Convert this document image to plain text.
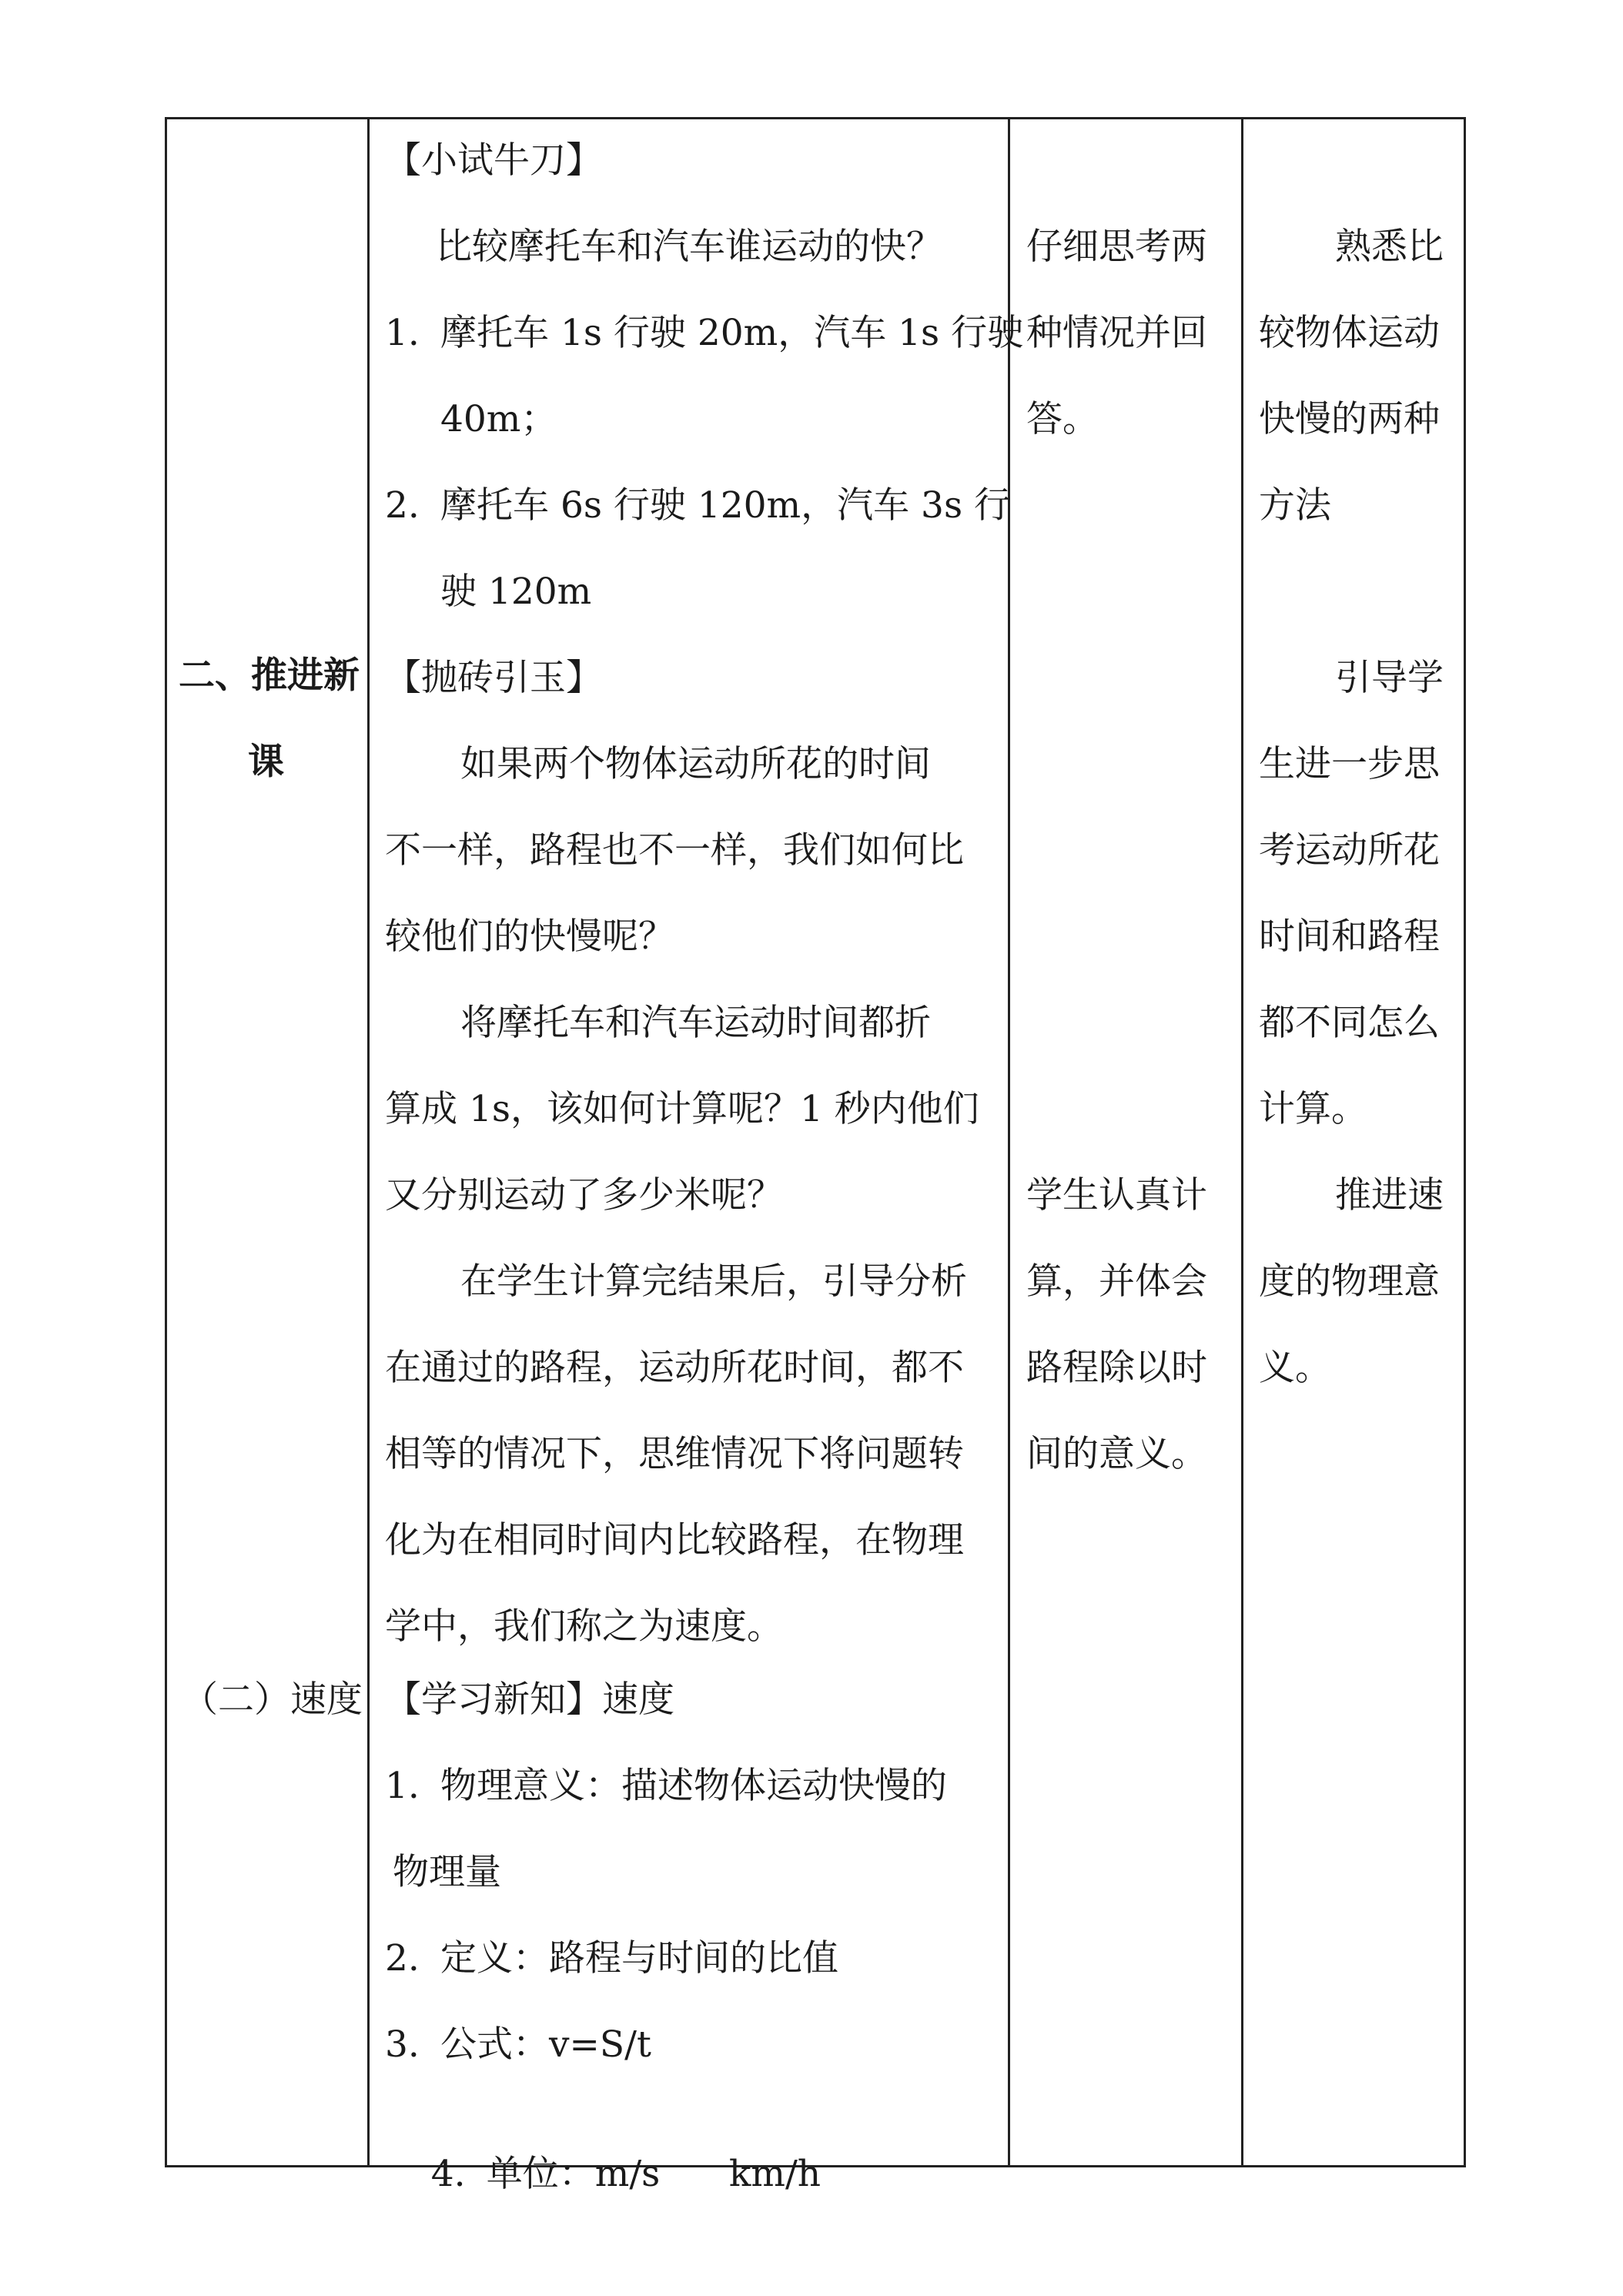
二、推进新
课
（二）速度
【小试牛刀】
比较摩托车和汽车谁运动的快？
1. 摩托车 1s 行驶 20m，汽车 1s 行驶
40m；
2. 摩托车 6s 行驶 120m，汽车 3s 行
驶 120m
【抛砖引玉】
如果两个物体运动所花的时间
不一样，路程也不一样，我们如何比
较他们的快慢呢？
将摩托车和汽车运动时间都折
算成 1s，该如何计算呢？1 秒内他们
又分别运动了多少米呢？
在学生计算完结果后，引导分析
在通过的路程，运动所花时间，都不
相等的情况下，思维情况下将问题转
化为在相同时间内比较路程，在物理
学中，我们称之为速度。
【学习新知】速度
1. 物理意义：描述物体运动快慢的
物理量
2. 定义：路程与时间的比值
3. 公式：v=S/t

4. 单位：m/s      km/h

仔细思考两
种情况并回
答。
学生认真计
算，并体会
路程除以时
间的意义。
熟悉比
较物体运动
快慢的两种
方法
引导学
生进一步思
考运动所花
时间和路程
都不同怎么
计算。
推进速
度的物理意
义。
